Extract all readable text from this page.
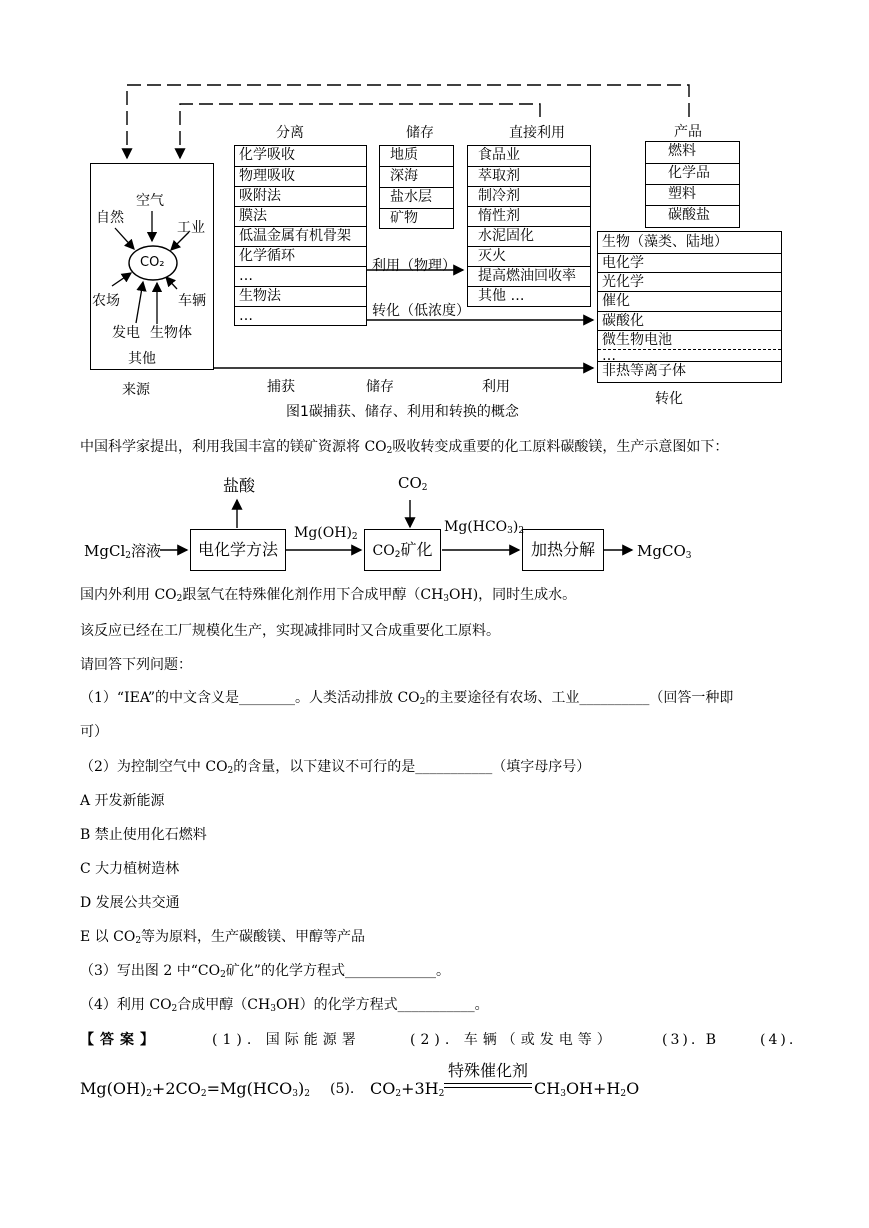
CO₂
空气
自然
工业
农场	车辆
发电 生物体
其他
分离
化学吸收
物理吸收
吸附法
膜法
低温金属有机骨架
化学循环
…
生物法
…
储存
地质
深海
盐水层
矿物
直接利用
食品业
萃取剂
制冷剂
惰性剂
水泥固化
灭火
提高燃油回收率
其他 …
产品
燃料
化学品
塑料
碳酸盐
生物（藻类、陆地）
电化学
光化学
催化
碳酸化
微生物电池
…
非热等离子体
利用（物理）
转化（低浓度）
来源	捕获	储存	利用
转化
图1碳捕获、储存、利用和转换的概念
中国科学家提出，利用我国丰富的镁矿资源将 $CO_2$吸收转变成重要的化工原料碳酸镁，生产示意图如下：
MgCl$_2$溶液	电化学方法
盐酸
$Mg(OH)_2$
$CO_2$
$CO_2$矿化
$Mg(HCO_3)_2$
加热分解	MgCO$_3$
国内外利用 $CO_2$跟氢气在特殊催化剂作用下合成甲醇$(CH_3OH)$，同时生成水。
该反应已经在工厂规模化生产，实现减排同时又合成重要化工原料。
请回答下列问题：
（1）“IEA”的中文含义是________。人类活动排放 $CO_2$的主要途径有农场、工业__________（回答一种即
可）
（2）为控制空气中 $CO_2$的含量，以下建议不可行的是___________（填字母序号）
A 开发新能源
B 禁止使用化石燃料
C 大力植树造林
D 发展公共交通
E 以 $CO_2$等为原料，生产碳酸镁、甲醇等产品
（3）写出图 2 中“$CO_2$矿化”的化学方程式_____________。
（4）利用 $CO_2$合成甲醇$(CH_3OH)$的化学方程式___________。
【答案】	(1). 国际能源署	(2). 车辆（或发电等）	(3). B	(4).
$Mg(OH)_2+2CO_2=Mg(HCO_3)_2$ (5). $CO_2+3H_2$
特殊催化剂
$CH_3OH+H_2O$
